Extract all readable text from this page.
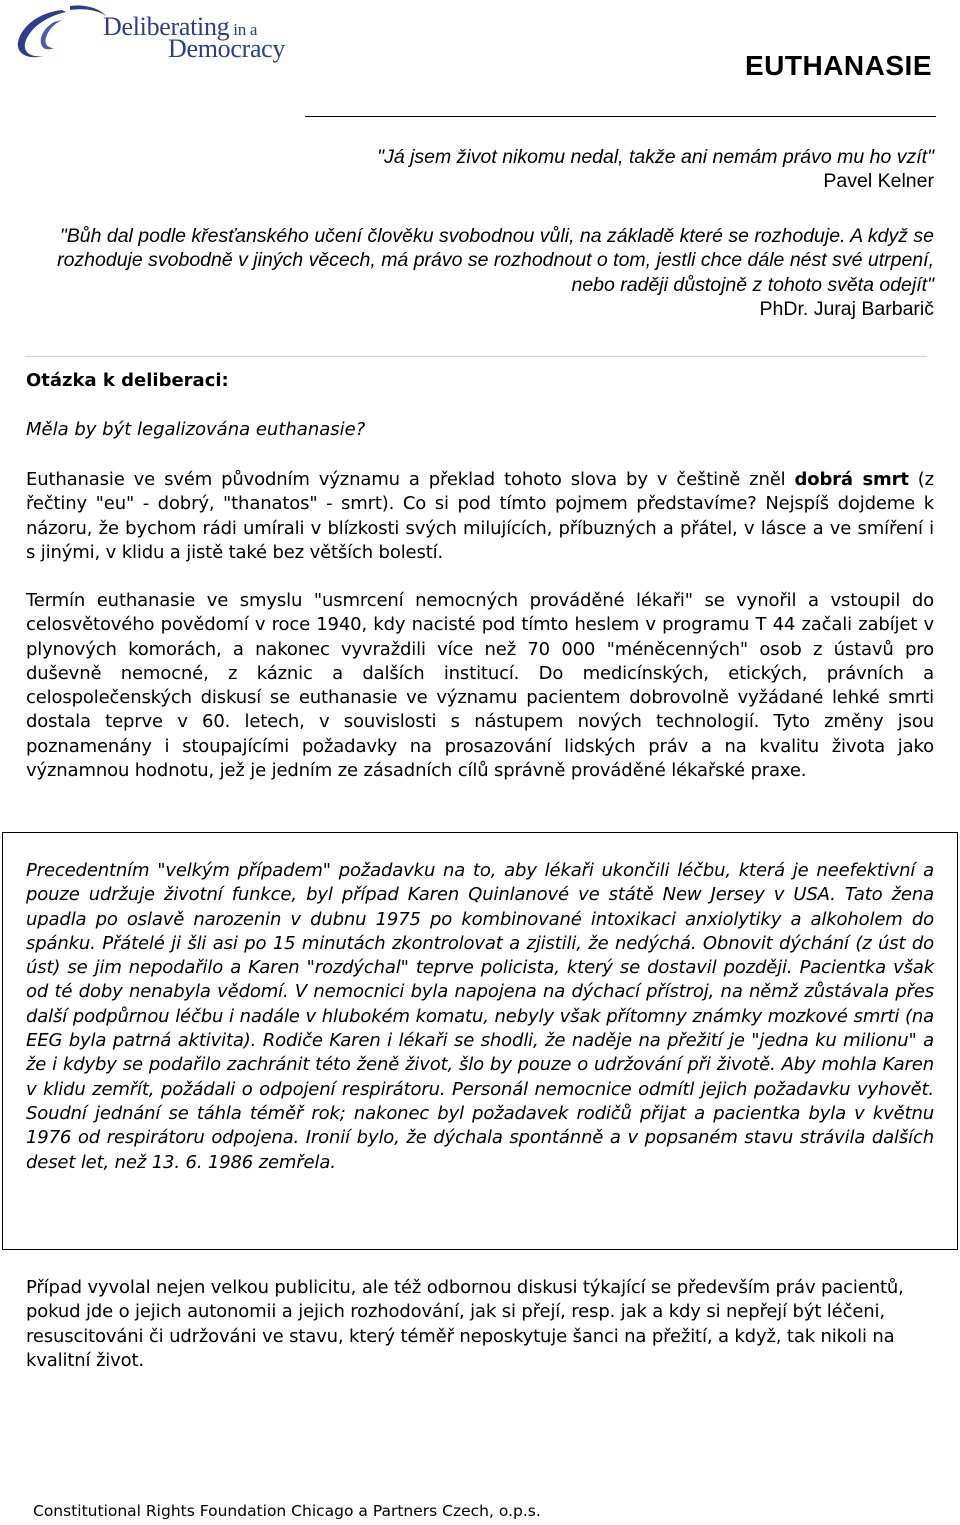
Deliberating in a
Democracy
EUTHANASIE
"Já jsem život nikomu nedal, takže ani nemám právo mu ho vzít"
Pavel Kelner
"Bůh dal podle křesťanského učení člověku svobodnou vůli, na základě které se rozhoduje. A když se rozhoduje svobodně v jiných věcech, má právo se rozhodnout o tom, jestli chce dále nést své utrpení, nebo raději důstojně z tohoto světa odejít"
PhDr. Juraj Barbarič
Otázka k deliberaci:
Měla by být legalizována euthanasie?
Euthanasie ve svém původním významu a překlad tohoto slova by v češtině zněl dobrá smrt (z řečtiny "eu" - dobrý, "thanatos" - smrt). Co si pod tímto pojmem představíme? Nejspíš dojdeme k názoru, že bychom rádi umírali v blízkosti svých milujících, příbuzných a přátel, v lásce a ve smíření i s jinými, v klidu a jistě také bez větších bolestí.
Termín euthanasie ve smyslu "usmrcení nemocných prováděné lékaři" se vynořil a vstoupil do celosvětového povědomí v roce 1940, kdy nacisté pod tímto heslem v programu T 44 začali zabíjet v plynových komorách, a nakonec vyvraždili více než 70 000 "méněcenných" osob z ústavů pro duševně nemocné, z káznic a dalších institucí. Do medicínských, etických, právních a celospolečenských diskusí se euthanasie ve významu pacientem dobrovolně vyžádané lehké smrti dostala teprve v 60. letech, v souvislosti s nástupem nových technologií. Tyto změny jsou poznamenány i stoupajícími požadavky na prosazování lidských práv a na kvalitu života jako významnou hodnotu, jež je jedním ze zásadních cílů správně prováděné lékařské praxe.
Precedentním "velkým případem" požadavku na to, aby lékaři ukončili léčbu, která je neefektivní a pouze udržuje životní funkce, byl případ Karen Quinlanové ve státě New Jersey v USA. Tato žena upadla po oslavě narozenin v dubnu 1975 po kombinované intoxikaci anxiolytiky a alkoholem do spánku. Přátelé ji šli asi po 15 minutách zkontrolovat a zjistili, že nedýchá. Obnovit dýchání (z úst do úst) se jim nepodařilo a Karen "rozdýchal" teprve policista, který se dostavil později. Pacientka však od té doby nenabyla vědomí. V nemocnici byla napojena na dýchací přístroj, na němž zůstávala přes další podpůrnou léčbu i nadále v hlubokém komatu, nebyly však přítomny známky mozkové smrti (na EEG byla patrná aktivita). Rodiče Karen i lékaři se shodli, že naděje na přežití je "jedna ku milionu" a že i kdyby se podařilo zachránit této ženě život, šlo by pouze o udržování při životě. Aby mohla Karen v klidu zemřít, požádali o odpojení respirátoru. Personál nemocnice odmítl jejich požadavku vyhovět. Soudní jednání se táhla téměř rok; nakonec byl požadavek rodičů přijat a pacientka byla v květnu 1976 od respirátoru odpojena. Ironií bylo, že dýchala spontánně a v popsaném stavu strávila dalších deset let, než 13. 6. 1986 zemřela.
Případ vyvolal nejen velkou publicitu, ale též odbornou diskusi týkající se především práv pacientů, pokud jde o jejich autonomii a jejich rozhodování, jak si přejí, resp. jak a kdy si nepřejí být léčeni, resuscitováni či udržováni ve stavu, který téměř neposkytuje šanci na přežití, a když, tak nikoli na kvalitní život.
Constitutional Rights Foundation Chicago a Partners Czech, o.p.s.
